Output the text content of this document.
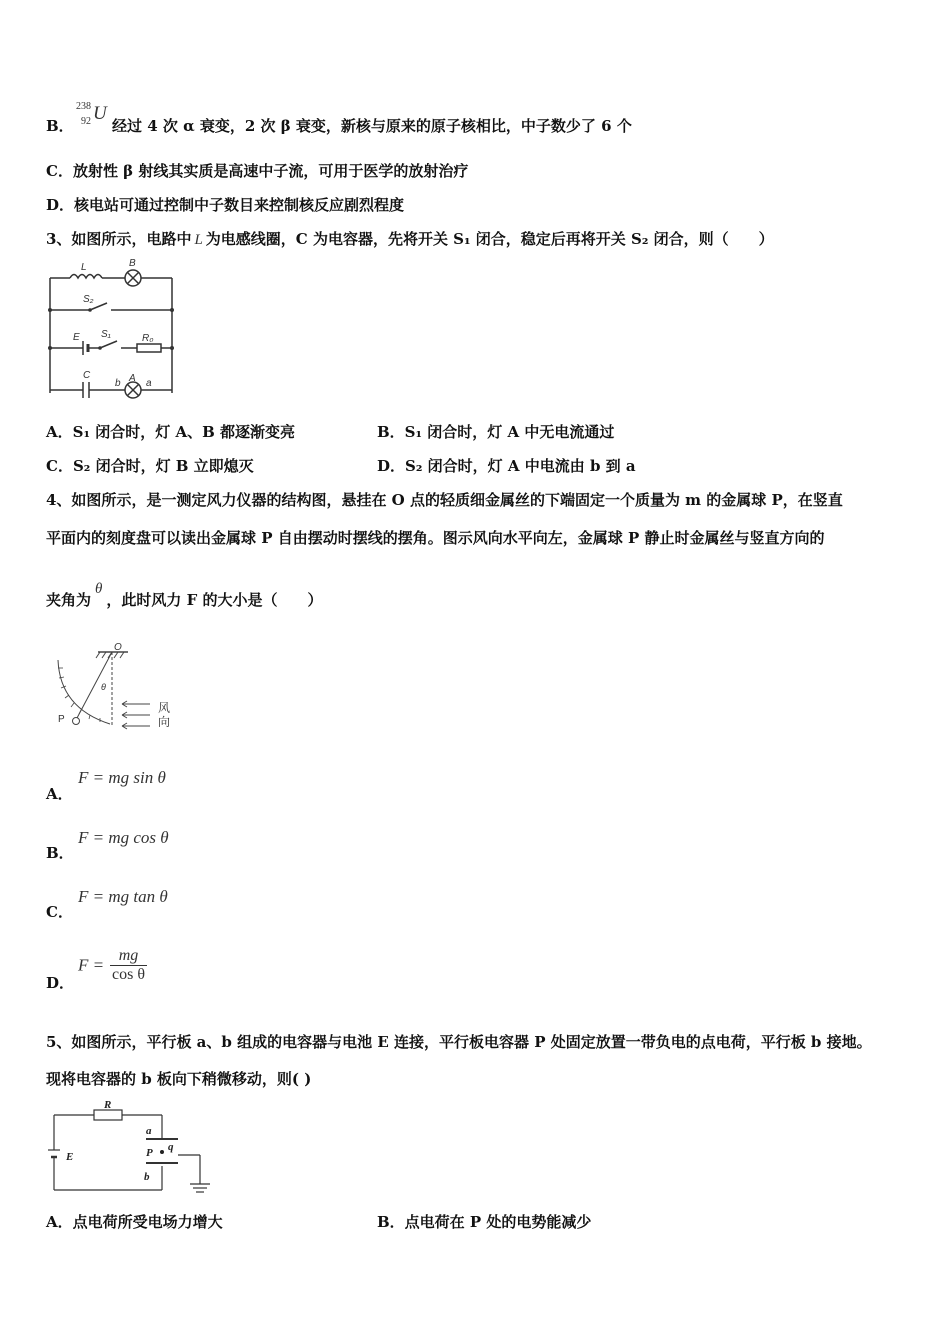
B．
238
92 U
经过 4 次 α 衰变，2 次 β 衰变，新核与原来的原子核相比，中子数少了 6 个
C．放射性 β 射线其实质是高速中子流，可用于医学的放射治疗
D．核电站可通过控制中子数目来控制核反应剧烈程度
3、如图所示，电路中 L 为电感线圈，C 为电容器，先将开关 S₁ 闭合，稳定后再将开关 S₂ 闭合，则（　　）
L	B
S₂
E S₁	R₀
C
b A a
A．S₁ 闭合时，灯 A、B 都逐渐变亮	B．S₁ 闭合时，灯 A 中无电流通过
C．S₂ 闭合时，灯 B 立即熄灭	D．S₂ 闭合时，灯 A 中电流由 b 到 a
4、如图所示，是一测定风力仪器的结构图，悬挂在 O 点的轻质细金属丝的下端固定一个质量为 m 的金属球 P，在竖直
平面内的刻度盘可以读出金属球 P 自由摆动时摆线的摆角。图示风向水平向左，金属球 P 静止时金属丝与竖直方向的
夹角为θ，此时风力 F 的大小是（　　）
O
θ
P
风
向
A．
F = mg sin θ
B．
F = mg cos θ
C．
F = mg tan θ
D．
$F = \frac{mg}{\text{cos θ}}$
5、如图所示，平行板 a、b 组成的电容器与电池 E 连接，平行板电容器 P 处固定放置一带负电的点电荷，平行板 b 接地。
现将电容器的 b 板向下稍微移动，则( )
R
E
a
P q
b
A．点电荷所受电场力增大	B．点电荷在 P 处的电势能减少
